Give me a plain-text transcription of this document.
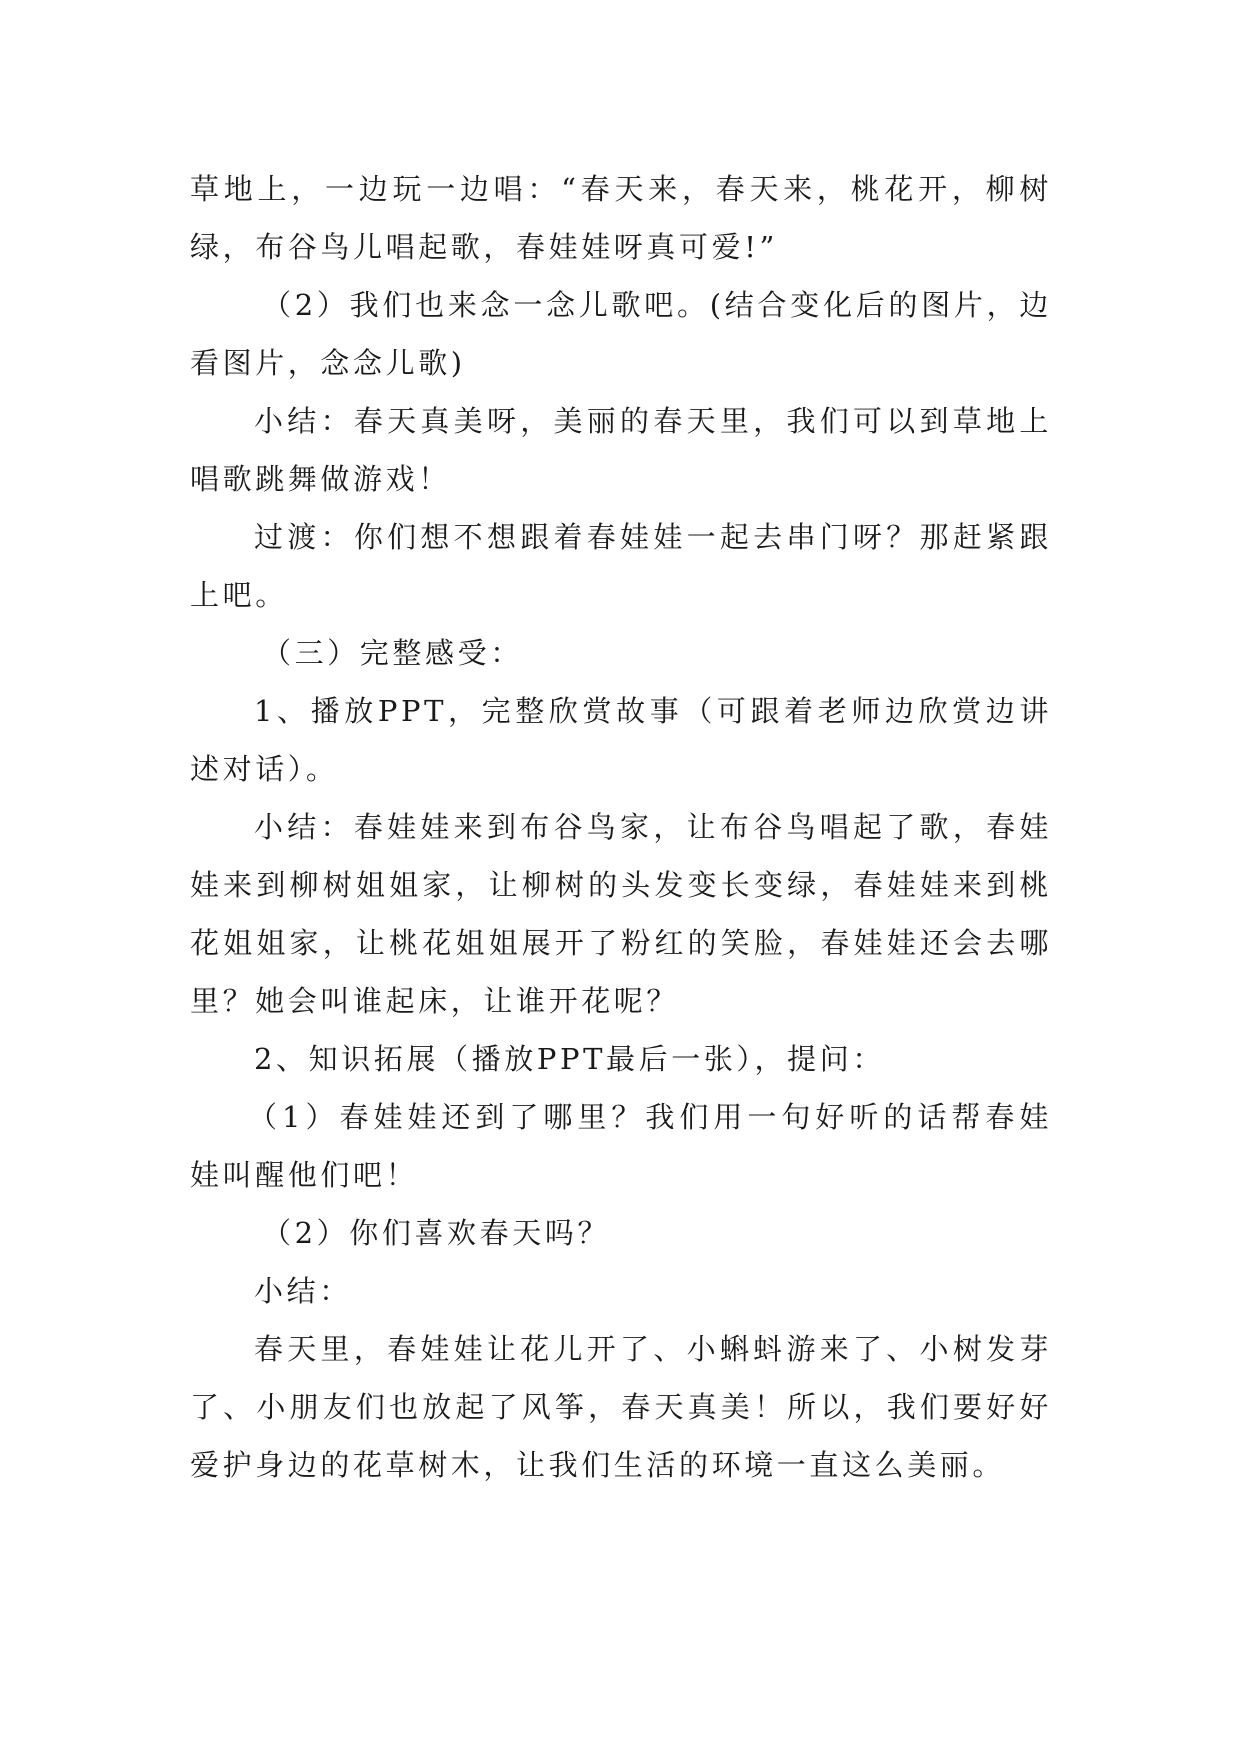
草地上，一边玩一边唱：“春天来，春天来，桃花开，柳树绿，布谷鸟儿唱起歌，春娃娃呀真可爱!”

（2）我们也来念一念儿歌吧。(结合变化后的图片，边看图片，念念儿歌)

小结：春天真美呀，美丽的春天里，我们可以到草地上唱歌跳舞做游戏！

过渡：你们想不想跟着春娃娃一起去串门呀？那赶紧跟上吧。

（三）完整感受：

1、播放PPT，完整欣赏故事（可跟着老师边欣赏边讲述对话）。

小结：春娃娃来到布谷鸟家，让布谷鸟唱起了歌，春娃娃来到柳树姐姐家，让柳树的头发变长变绿，春娃娃来到桃花姐姐家，让桃花姐姐展开了粉红的笑脸，春娃娃还会去哪里？她会叫谁起床，让谁开花呢？

2、知识拓展（播放PPT最后一张），提问：

（1）春娃娃还到了哪里？我们用一句好听的话帮春娃娃叫醒他们吧！

（2）你们喜欢春天吗？

小结：

春天里，春娃娃让花儿开了、小蝌蚪游来了、小树发芽了、小朋友们也放起了风筝，春天真美！所以，我们要好好爱护身边的花草树木，让我们生活的环境一直这么美丽。
